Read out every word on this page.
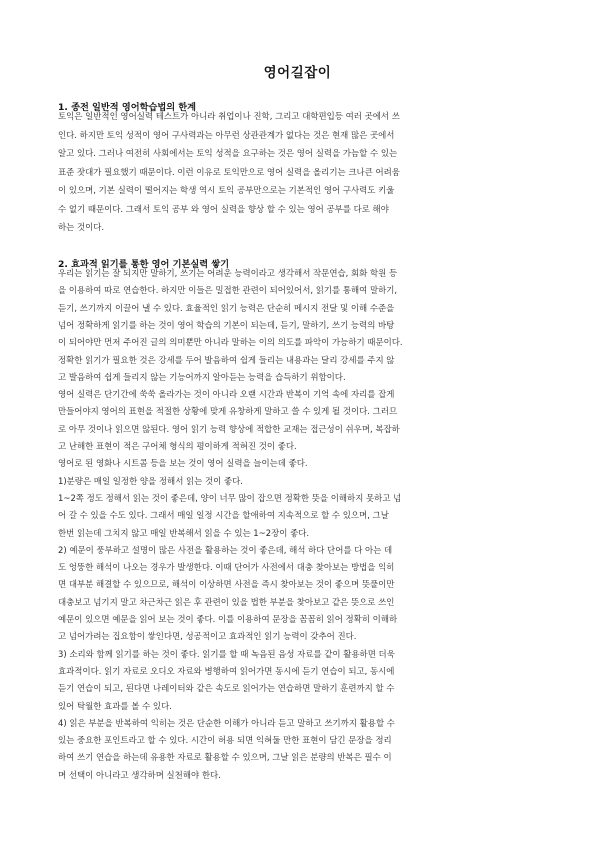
영어길잡이
1. 종전 일반적 영어학습법의 한계
토익은 일반적인 영어실력 테스트가 아니라 취업이나 진학, 그리고 대학편입등 여러 곳에서 쓰
인다. 하지만 토익 성적이 영어 구사력과는 아무런 상관관계가 없다는 것은 현재 많은 곳에서
알고 있다. 그러나 여전히 사회에서는 토익 성적을 요구하는 것은 영어 실력을 가늠할 수 있는
표준 잣대가 필요했기 때문이다. 이런 이유로 토익만으로 영어 실력을 올리기는 크나큰 어려움
이 있으며, 기본 실력이 떨어지는 학생 역시 토익 공부만으로는 기본적인 영어 구사력도 키울
수 없기 때문이다. 그래서 토익 공부 와 영어 실력을 향상 할 수 있는 영어 공부를 다로 해야
하는 것이다.
2. 효과적 읽기를 통한 영어 기본실력 쌓기
우리는 읽기는 잘 되지만 말하기, 쓰기는 어려운 능력이라고 생각해서 작문연습, 회화 학원 등
을 이용하여 따로 연습한다. 하지만 이들은 밀접한 관련이 되어있어서, 읽기를 통해여 말하기,
듣기, 쓰기까지 이끌어 낼 수 있다. 효율적인 읽기 능력은 단순히 메시지 전달 및 이해 수준을
넘어 정확하게 읽기를 하는 것이 영어 학습의 기본이 되는데, 듣기, 말하기, 쓰기 능력의 바탕
이 되어야만 먼저 주어진 글의 의미뿐만 아니라 말하는 이의 의도를 파악이 가능하기 때문이다.
정확한 읽기가 필요한 것은 강세를 두어 발음하여 쉽게 들리는 내용과는 달리 강세를 주지 않
고 발음하여 쉽게 들리지 않는 기능어까지 알아듣는 능력을 습득하기 위함이다.
영어 실력은 단기간에 쑥쑥 올라가는 것이 아니라 오랜 시간과 반복이 기억 속에 자리를 잡게
만들어야지 영어의 표현을 적절한 상황에 맞게 유창하게 말하고 쓸 수 있게 될 것이다. 그러므
로 아무 것이나 읽으면 않된다. 영어 읽기 능력 향상에 적합한 교재는 접근성이 쉬우며, 복잡하
고 난해한 표현이 적은 구어체 형식의 평이하게 적혀진 것이 좋다.
영어로 된 영화나 시트콤 등을 보는 것이 영어 실력을 늘이는데 좋다.
1)분량은 매일 일정한 양을 정해서 읽는 것이 좋다.
1~2쪽 정도 정해서 읽는 것이 좋은데, 양이 너무 많이 잡으면 정확한 뜻을 이해하지 못하고 넘
어 갈 수 있을 수도 있다. 그래서 매일 일정 시간을 할애하여 지속적으로 할 수 있으며, 그날
한번 읽는데 그치지 않고 매일 반복해서 읽을 수 있는 1~2장이 좋다.
2) 예문이 풍부하고 설명이 많은 사전을 활용하는 것이 좋은데, 해석 하다 단어를 다 아는 데
도 엉뚱한 해석이 나오는 경우가 발생한다. 이때 단어가 사전에서 대충 찾아보는 방법을 익히
면 대부분 해결할 수 있으므로, 해석이 이상하면 사전을 즉시 찾아보는 것이 좋으며 뜻풀이만
대충보고 넘기지 말고 차근차근 읽은 후 관련이 있을 법한 부분을 찾아보고 같은 뜻으로 쓰인
예문이 있으면 예문을 읽어 보는 것이 좋다. 이를 이용하여 문장을 꼼꼼히 읽어 정확히 이해하
고 넘어가려는 집요함이 쌓인다면, 성공적이고 효과적인 읽기 능력이 갖추어 진다.
3) 소리와 함께 읽기를 하는 것이 좋다. 읽기를 할 때 녹음된 음성 자료를 같이 활용하면 더욱
효과적이다. 읽기 자료로 오디오 자료와 병행하여 읽어가면 동시에 듣기 연습이 되고, 동시에
듣기 연습이 되고, 된다면 나레이터와 같은 속도로 읽어가는 연습하면 말하기 훈련까지 할 수
있어 탁월한 효과를 볼 수 있다.
4) 읽은 부분을 반복하여 익히는 것은 단순한 이해가 아니라 듣고 말하고 쓰기까지 활용할 수
있는 중요한 포인트라고 할 수 있다. 시간이 허용 되면 익혀둘 만한 표현이 담긴 문장을 정리
하여 쓰기 연습을 하는데 유용한 자료로 활용할 수 있으며, 그날 읽은 분량의 반복은 필수 이
며 선택이 아니라고 생각하며 실천해야 한다.
